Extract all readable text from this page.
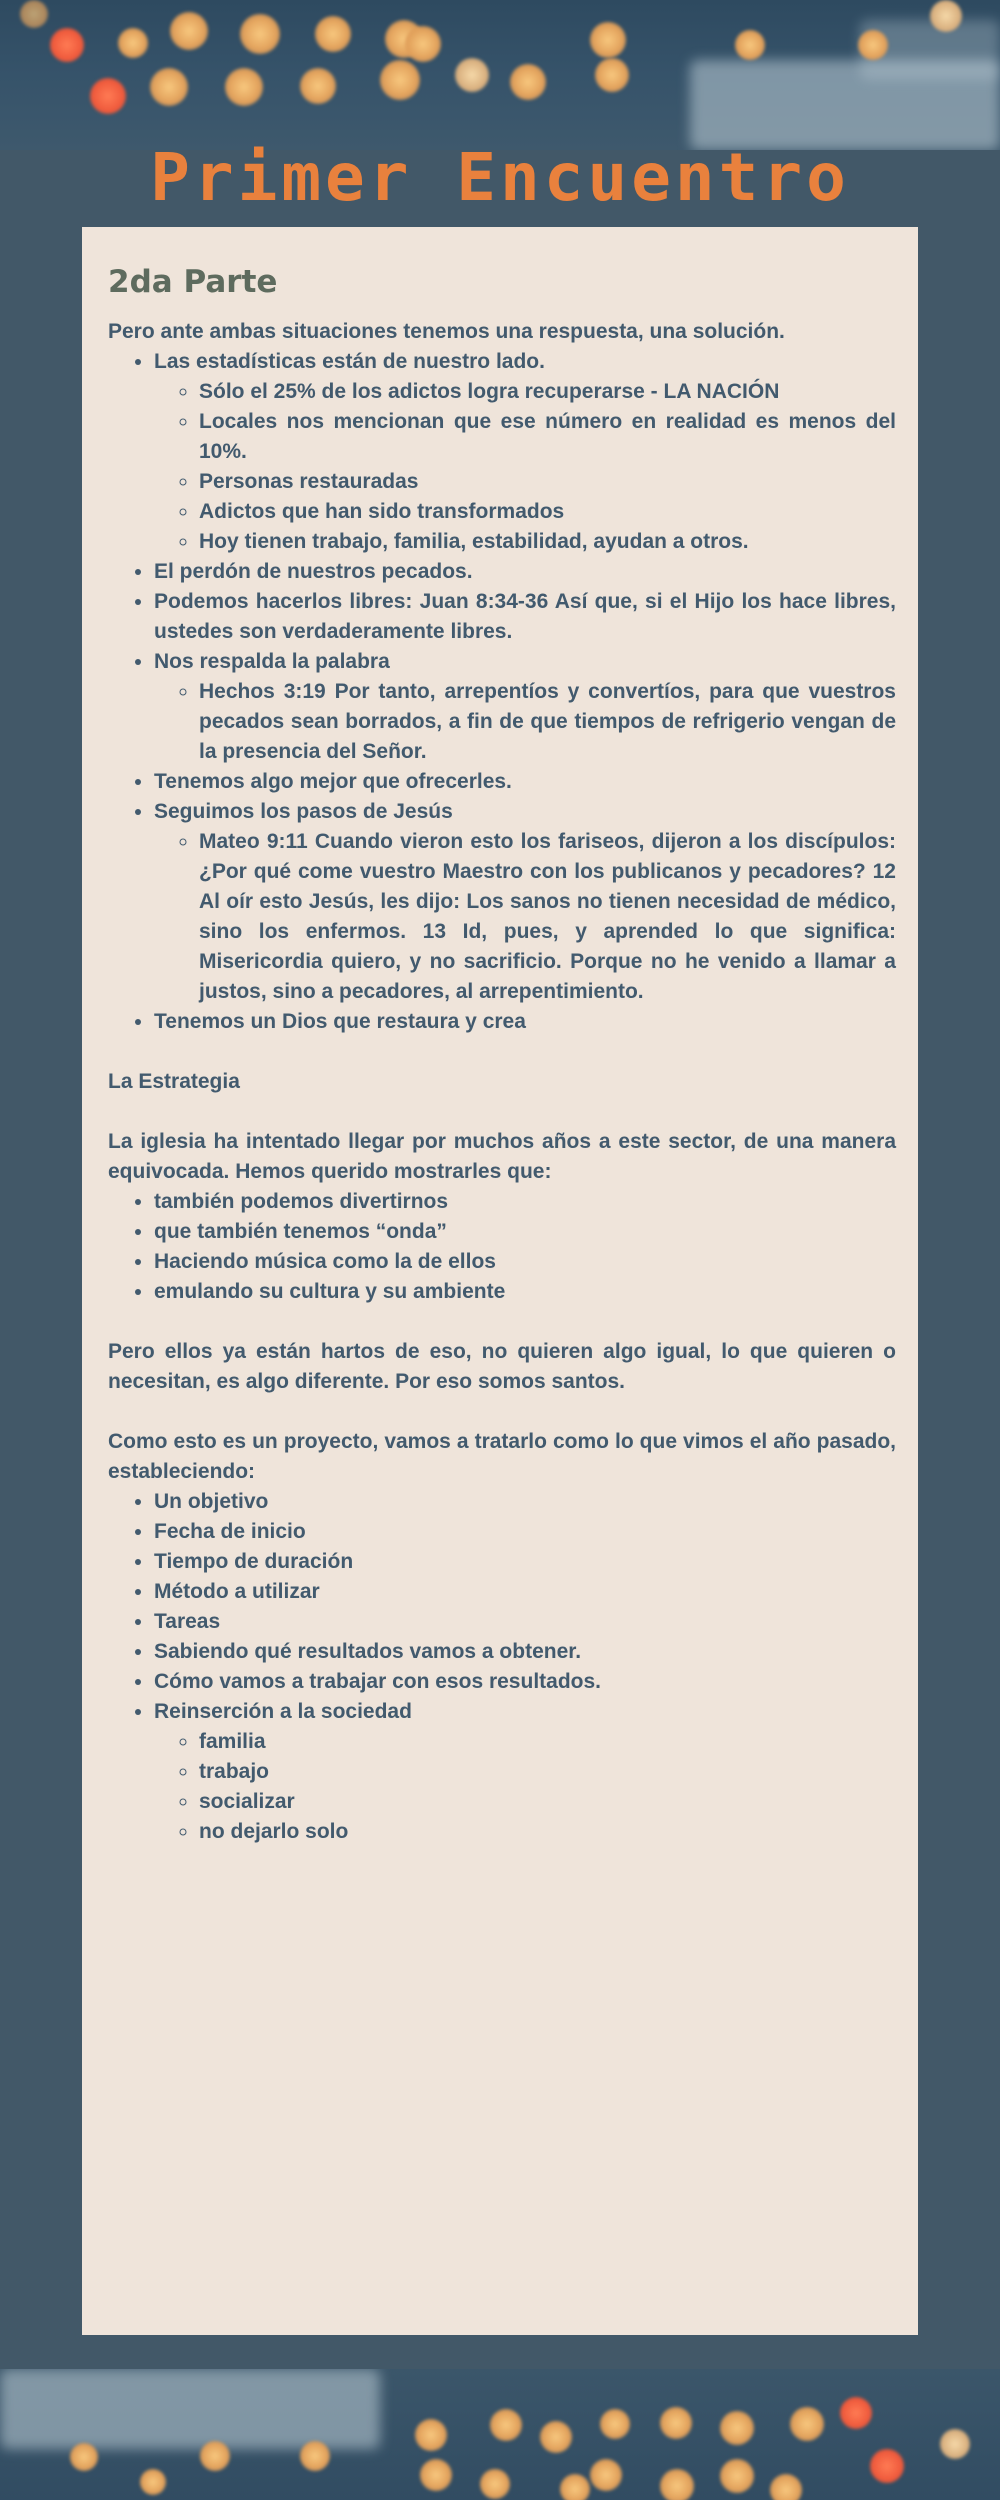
Primer Encuentro
2da Parte

Pero ante ambas situaciones tenemos una respuesta, una solución.

• Las estadísticas están de nuestro lado.
◦ Sólo el 25% de los adictos logra recuperarse - LA NACIÓN
◦ Locales nos mencionan que ese número en realidad es menos del 10%.
◦ Personas restauradas
◦ Adictos que han sido transformados
◦ Hoy tienen trabajo, familia, estabilidad, ayudan a otros.
• El perdón de nuestros pecados.
• Podemos hacerlos libres: Juan 8:34-36 Así que, si el Hijo los hace libres, ustedes son verdaderamente libres.
• Nos respalda la palabra
◦ Hechos 3:19 Por tanto, arrepentíos y convertíos, para que vuestros pecados sean borrados, a fin de que tiempos de refrigerio vengan de la presencia del Señor.
• Tenemos algo mejor que ofrecerles.
• Seguimos los pasos de Jesús
◦ Mateo 9:11 Cuando vieron esto los fariseos, dijeron a los discípulos: ¿Por qué come vuestro Maestro con los publicanos y pecadores? 12 Al oír esto Jesús, les dijo: Los sanos no tienen necesidad de médico, sino los enfermos. 13 Id, pues, y aprended lo que significa: Misericordia quiero, y no sacrificio. Porque no he venido a llamar a justos, sino a pecadores, al arrepentimiento.
• Tenemos un Dios que restaura y crea

La Estrategia

La iglesia ha intentado llegar por muchos años a este sector, de una manera equivocada. Hemos querido mostrarles que:

• también podemos divertirnos
• que también tenemos “onda”
• Haciendo música como la de ellos
• emulando su cultura y su ambiente

Pero ellos ya están hartos de eso, no quieren algo igual, lo que quieren o necesitan, es algo diferente. Por eso somos santos.

Como esto es un proyecto, vamos a tratarlo como lo que vimos el año pasado, estableciendo:

• Un objetivo
• Fecha de inicio
• Tiempo de duración
• Método a utilizar
• Tareas
• Sabiendo qué resultados vamos a obtener.
• Cómo vamos a trabajar con esos resultados.
• Reinserción a la sociedad
◦ familia
◦ trabajo
◦ socializar
◦ no dejarlo solo
